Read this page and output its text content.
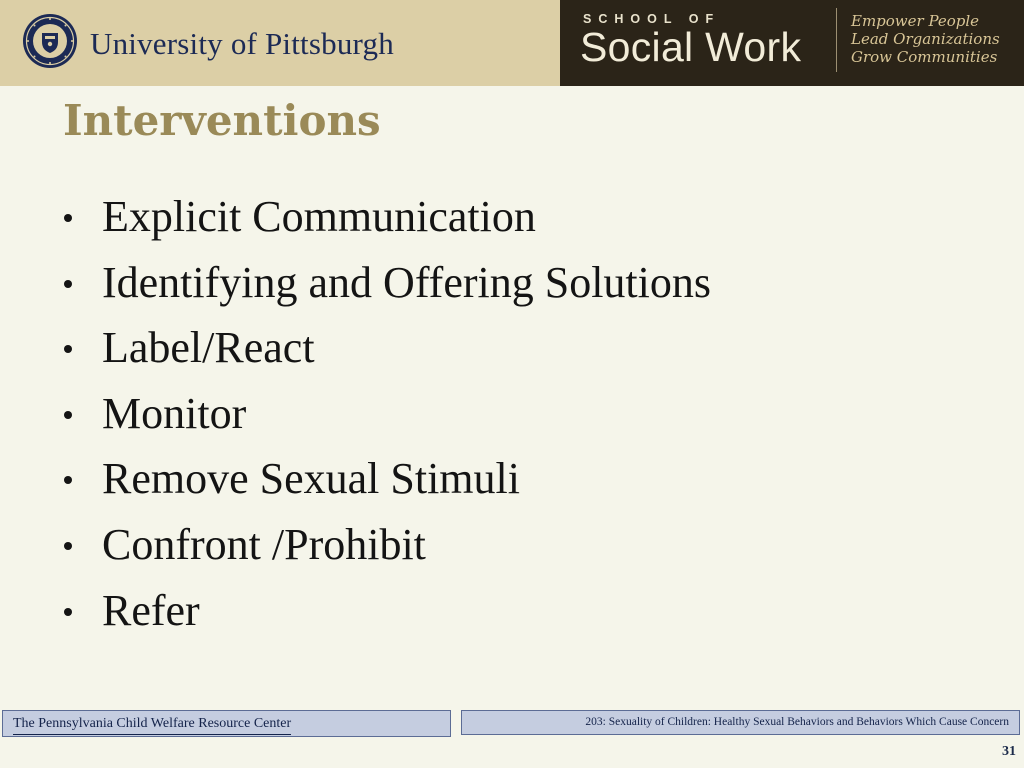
University of Pittsburgh
SCHOOL OF
Social Work
Empower People
Lead Organizations
Grow Communities
Interventions
Explicit Communication
Identifying and Offering Solutions
Label/React
Monitor
Remove Sexual Stimuli
Confront /Prohibit
Refer
The Pennsylvania Child Welfare Resource Center	203: Sexuality of Children: Healthy Sexual Behaviors and Behaviors Which Cause Concern
31
